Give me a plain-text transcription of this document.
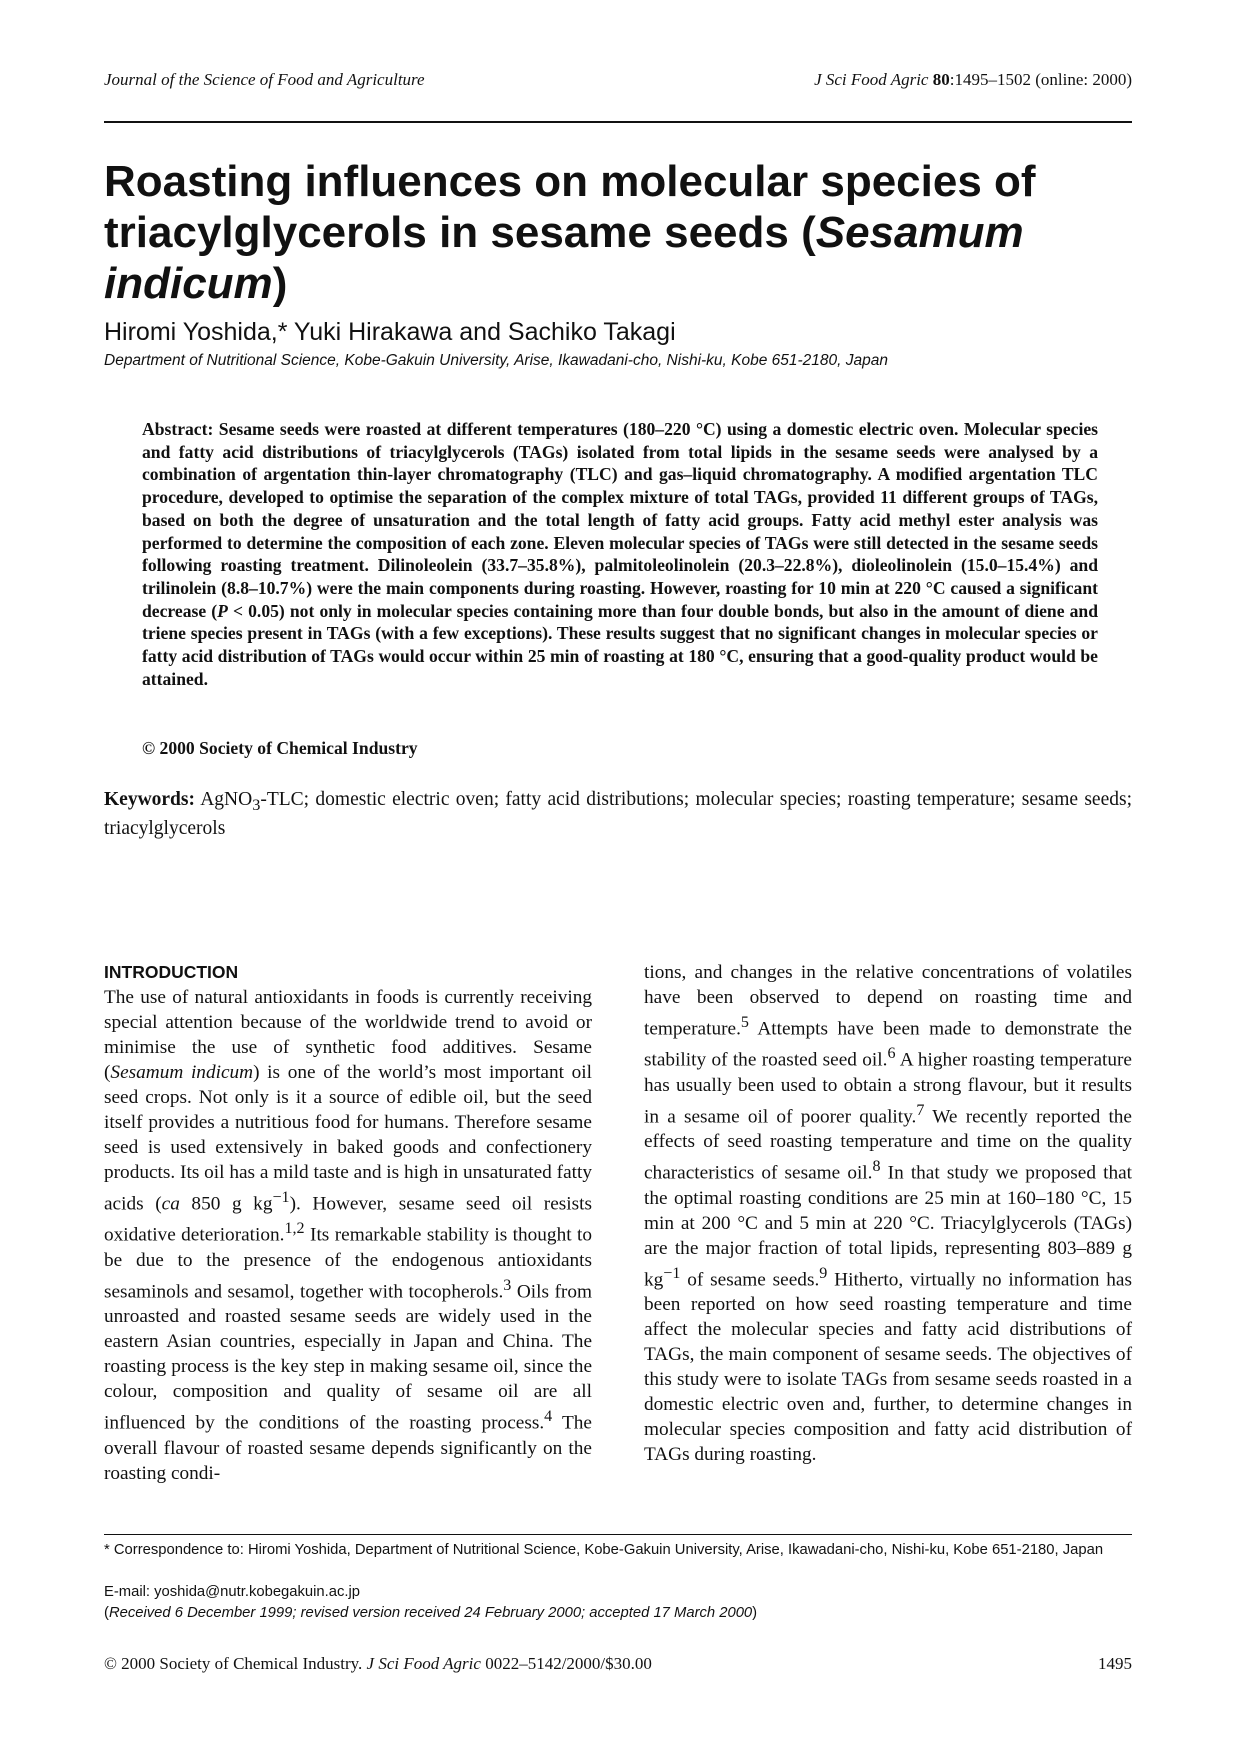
Journal of the Science of Food and Agriculture	J Sci Food Agric 80:1495–1502 (online: 2000)
Roasting influences on molecular species of triacylglycerols in sesame seeds (Sesamum indicum)
Hiromi Yoshida,* Yuki Hirakawa and Sachiko Takagi
Department of Nutritional Science, Kobe-Gakuin University, Arise, Ikawadani-cho, Nishi-ku, Kobe 651-2180, Japan

Abstract: Sesame seeds were roasted at different temperatures (180–220 °C) using a domestic electric oven. Molecular species and fatty acid distributions of triacylglycerols (TAGs) isolated from total lipids in the sesame seeds were analysed by a combination of argentation thin-layer chromatography (TLC) and gas–liquid chromatography. A modified argentation TLC procedure, developed to optimise the separation of the complex mixture of total TAGs, provided 11 different groups of TAGs, based on both the degree of unsaturation and the total length of fatty acid groups. Fatty acid methyl ester analysis was performed to determine the composition of each zone. Eleven molecular species of TAGs were still detected in the sesame seeds following roasting treatment. Dilinoleolein (33.7–35.8%), palmitoleolinolein (20.3–22.8%), dioleolinolein (15.0–15.4%) and trilinolein (8.8–10.7%) were the main components during roasting. However, roasting for 10 min at 220 °C caused a significant decrease (P < 0.05) not only in molecular species containing more than four double bonds, but also in the amount of diene and triene species present in TAGs (with a few exceptions). These results suggest that no significant changes in molecular species or fatty acid distribution of TAGs would occur within 25 min of roasting at 180 °C, ensuring that a good-quality product would be attained.

© 2000 Society of Chemical Industry

Keywords: AgNO$_3$-TLC; domestic electric oven; fatty acid distributions; molecular species; roasting temperature; sesame seeds; triacylglycerols

INTRODUCTION

The use of natural antioxidants in foods is currently receiving special attention because of the worldwide trend to avoid or minimise the use of synthetic food additives. Sesame (Sesamum indicum) is one of the world’s most important oil seed crops. Not only is it a source of edible oil, but the seed itself provides a nutritious food for humans. Therefore sesame seed is used extensively in baked goods and confectionery products. Its oil has a mild taste and is high in unsaturated fatty acids (ca 850 g $kg^{-1}$). However, sesame seed oil resists oxidative deterioration.$^{1,2}$ Its remarkable stability is thought to be due to the presence of the endogenous antioxidants sesaminols and sesamol, together with tocopherols.$^3$ Oils from unroasted and roasted sesame seeds are widely used in the eastern Asian countries, especially in Japan and China. The roasting process is the key step in making sesame oil, since the colour, composition and quality of sesame oil are all influenced by the conditions of the roasting process.$^4$ The overall flavour of roasted sesame depends significantly on the roasting condi-

tions, and changes in the relative concentrations of volatiles have been observed to depend on roasting time and temperature.$^5$ Attempts have been made to demonstrate the stability of the roasted seed oil.$^6$ A higher roasting temperature has usually been used to obtain a strong flavour, but it results in a sesame oil of poorer quality.$^7$ We recently reported the effects of seed roasting temperature and time on the quality characteristics of sesame oil.$^8$ In that study we proposed that the optimal roasting conditions are 25 min at 160–180 °C, 15 min at 200 °C and 5 min at 220 °C. Triacylglycerols (TAGs) are the major fraction of total lipids, representing 803–889 g $kg^{-1}$ of sesame seeds.$^9$ Hitherto, virtually no information has been reported on how seed roasting temperature and time affect the molecular species and fatty acid distributions of TAGs, the main component of sesame seeds. The objectives of this study were to isolate TAGs from sesame seeds roasted in a domestic electric oven and, further, to determine changes in molecular species composition and fatty acid distribution of TAGs during roasting.

* Correspondence to: Hiromi Yoshida, Department of Nutritional Science, Kobe-Gakuin University, Arise, Ikawadani-cho, Nishi-ku, Kobe 651-2180, Japan

E-mail: yoshida@nutr.kobegakuin.ac.jp

(Received 6 December 1999; revised version received 24 February 2000; accepted 17 March 2000)

© 2000 Society of Chemical Industry. J Sci Food Agric 0022–5142/2000/$30.00	1495
